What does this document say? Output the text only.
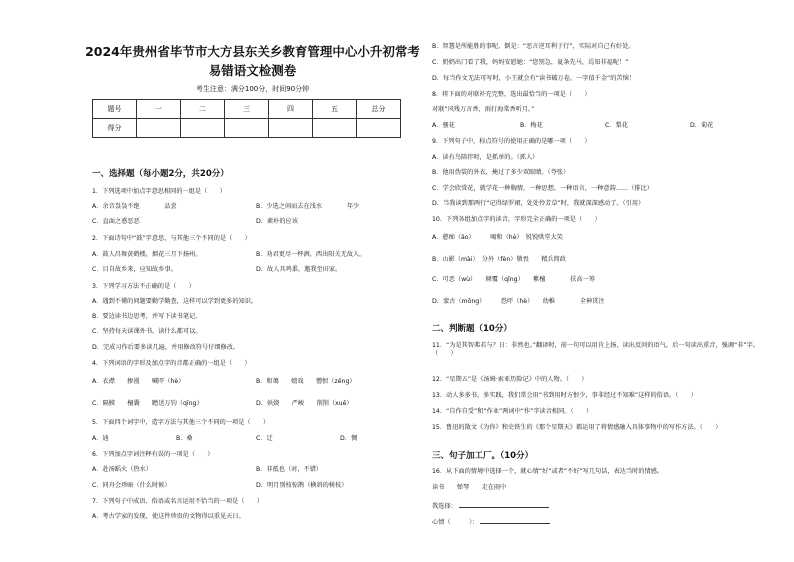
2024年贵州省毕节市大方县东关乡教育管理中心小升初常考
易错语文检测卷
考生注意：满分100分，时间90分钟
题号	一	二	三	四	五	总分
得分						
一、选择题（每小题2分，共20分）
1．下列选项中加点字意思相同的一组是（　　）
A．余音袅袅不绝　　　　品尝	B．少选之间而去在浅水　　　　年少
C．直面之惑恶恶	D．素朴的应该
2．下面诗句中“鼓”字意思，与其他三个不同的是（　　）
A．鼓人昌舞黄鹤楼，烟花三月下扬州。	B．劝君更尽一杯酒，西出阳关无故人。
C．目自故乡来，应知故乡事。	D．故人具鸡黍，邀我至田家。
3．下列学习方法不正确的是（　　）
A．遇到不懂的问题要勤学勤查，这样可以学到更多的知识。
B．要边读书边思考，并写下读书笔记。
C．坚持每天读课外书，读什么都可以。
D．完成习作后要多读几遍，并用修改符号仔细修改。
4．下列词语的字形及加点字的音都正确的一组是（　　）
A．衣襟　　掺漫　　喊吓（hè）	B．和蔼　　嬉戏　　憎恨（zēng）
C．隔膜　　檀囊　　瞻送万钧（qīng）	D．妖娆　　严峻　　削削（xuē）
5．下面四个词字中，造字方法与其他三个不同的一项是（　　）
A．迪	B．桑	C．迁	D．惆
6．下列加点字词注释有误的一项是（　　）
A．赴汤蹈火（热水）	B．非抵也（对，不错）
C．同舟会珍暗（什么时候）	D．明月别枝惊鹊（横斜的树枝）
7．下列句子中成语、俗语或名言运用不恰当的一项是（　　）
A．考古学家的发现，使这件珍贵的文物得以重见天日。
B．智慧是所能胜的事呢，倒是：“恶言逆耳利于行”，实际对自己有好处。
C．奶奶出门看了我，妈妈安慰她：“您别急，夏条先马，焉知非福呢！”
D．每当作文无法可写时，小王就会有“读书破万卷，一字值千金”的苦恼！
8．将下面的对联补充完整，选出最恰当的一项是（　　）
对联“风残万言香，雨打海棠香听月。”
A．骚花	B．梅花	C．梨花	D．菊花
9．下列句子中，标点符号的使用正确的是哪一项（　　）
A．读有鸟陪伴时，是抓单的。（抓人）
B．他用伪装的外衣，掩过了多少双眼睛。（夸张）
C．学会欣赏花，就学花一种胸情，一种思想，一种语言，一种意韵……（排比）
D．当我读到那两行“记得绿罗裙，处处怜芳草”时，我就深深感动了。（引用）
10．下列各组加点字的读音，字形完全正确的一项是（　　）
A．憨痴（āo）　　　喝和（hè）　锐锐哄堂大笑
B．山影（mài）　分外（fèn）敬畏　　精兵简政
C．可恶（wù）　　倾覆（qīng）　　紫檀　　　　扶高一筹
D．蒙古（mōng）　　　恐吓（hè）　　幼稚　　　　全神贯注
二、判断题（10分）
11．“为是其智弗若与？日：非然也。”翻译时，前一句可以用肯上扬，读出反问的语气，后一句读出重音，强调“非”字。（　　）
12．“星期五”是《汤姆·索亚历险记》中的人物。（　　）
13．动人多多书，多实践，我们常会用“书到用时方恨少，事非经过不知难”这样的俗语。（　　）
14．“自作自受”和“作业”两词中“作”字读音相同。（　　）
15．鲁迅的散文《为你》和史铁生的《那个星期天》都运用了将情感融入具体事物中的写作方法。（　　）
三、句子加工厂。（10分）
16．从下面的情境中选择一个，就心情“好”或者“不好”写几句话，表达当时的情感。
读书　　弹琴　　走在雨中
我选择：
心情（　　　）：
